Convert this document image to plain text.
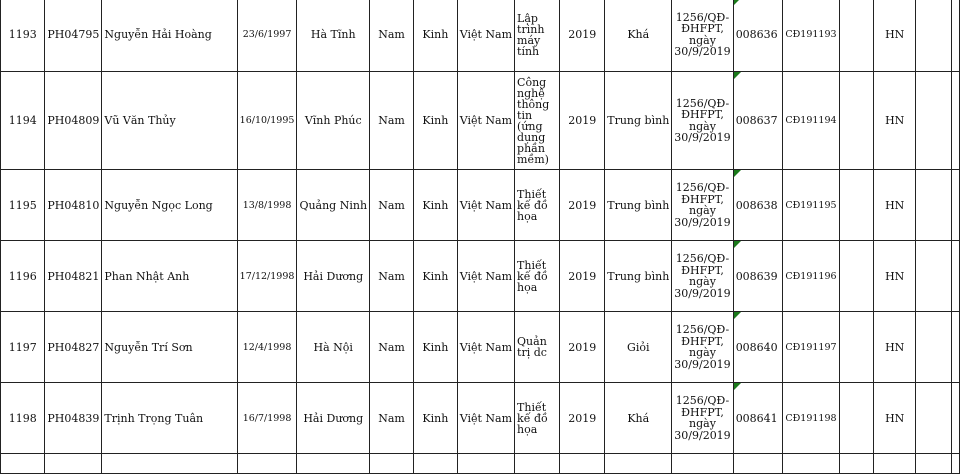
1193	PH04795	Nguyễn Hải Hoàng	23/6/1997	Hà Tĩnh	Nam	Kinh	Việt Nam	Lập trình máy tính	2019	Khá	1256/QĐ-ĐHFPT, ngày 30/9/2019	008636	CĐ191193		HN		
1194	PH04809	Vũ Văn Thủy	16/10/1995	Vĩnh Phúc	Nam	Kinh	Việt Nam	Công nghệ thông tin (ứng dụng phần mềm)	2019	Trung bình	1256/QĐ-ĐHFPT, ngày 30/9/2019	008637	CĐ191194		HN		
1195	PH04810	Nguyễn Ngọc Long	13/8/1998	Quảng Ninh	Nam	Kinh	Việt Nam	Thiết kế đồ họa	2019	Trung bình	1256/QĐ-ĐHFPT, ngày 30/9/2019	008638	CĐ191195		HN		
1196	PH04821	Phan Nhật Anh	17/12/1998	Hải Dương	Nam	Kinh	Việt Nam	Thiết kế đồ họa	2019	Trung bình	1256/QĐ-ĐHFPT, ngày 30/9/2019	008639	CĐ191196		HN		
1197	PH04827	Nguyễn Trí Sơn	12/4/1998	Hà Nội	Nam	Kinh	Việt Nam	Quản trị dc	2019	Giỏi	1256/QĐ-ĐHFPT, ngày 30/9/2019	008640	CĐ191197		HN		
1198	PH04839	Trịnh Trọng Tuân	16/7/1998	Hải Dương	Nam	Kinh	Việt Nam	Thiết kế đồ họa	2019	Khá	1256/QĐ-ĐHFPT, ngày 30/9/2019	008641	CĐ191198		HN		
